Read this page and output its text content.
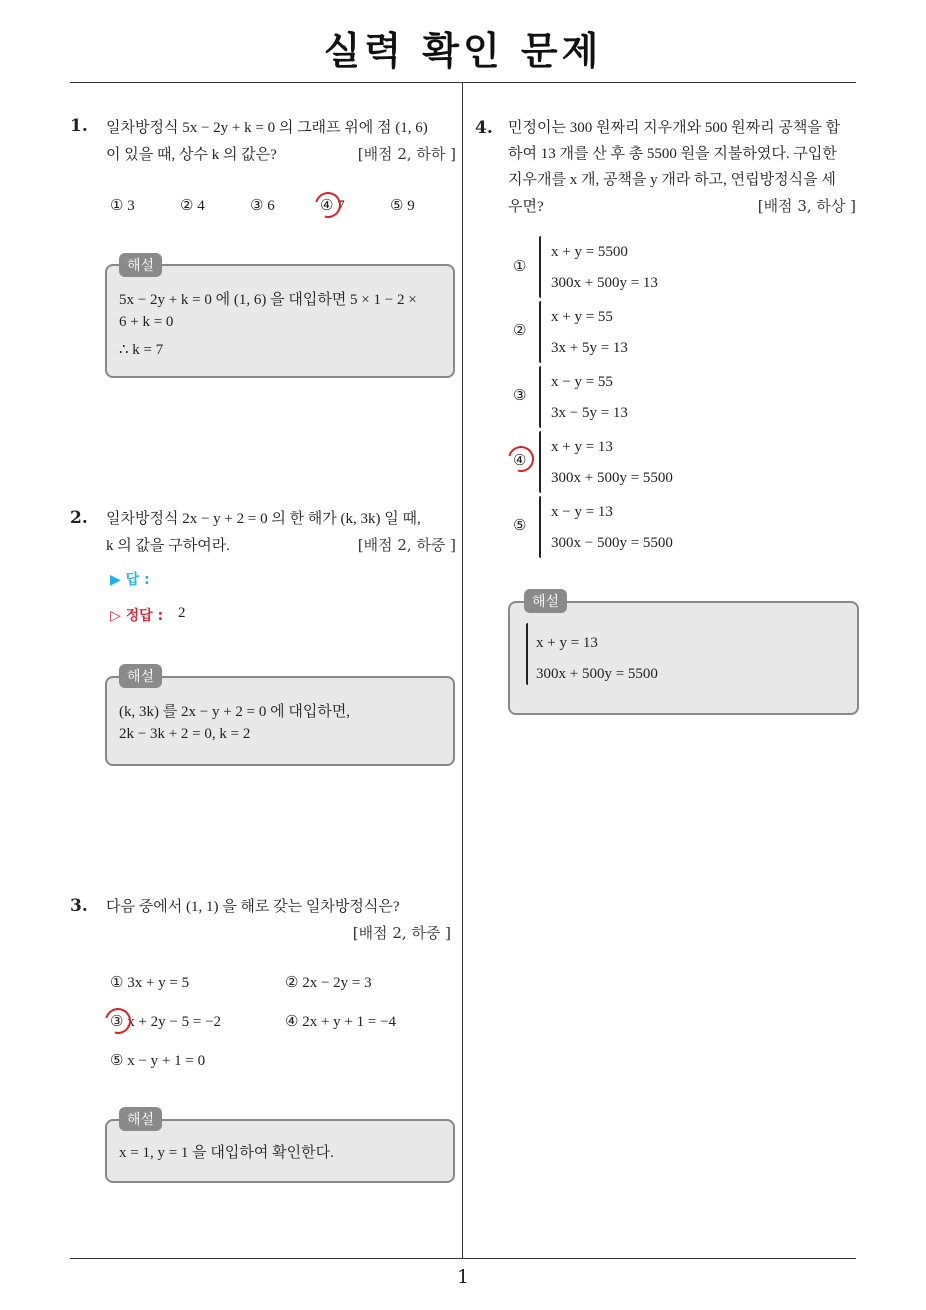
실력 확인 문제
1
1. 일차방정식 5x − 2y + k = 0 의 그래프 위에 점 (1, 6)
이 있을 때, 상수 k 의 값은?	[배점 2, 하하 ]
① 3	② 4	③ 6	④ 7	⑤ 9
5x − 2y + k = 0 에 (1, 6) 을 대입하면 5 × 1 − 2 ×
6 + k = 0
∴ k = 7
해설
2. 일차방정식 2x − y + 2 = 0 의 한 해가 (k, 3k) 일 때,
k 의 값을 구하여라.	[배점 2, 하중 ]
▶ 답 :
▷ 정답 : 2
(k, 3k) 를 2x − y + 2 = 0 에 대입하면,
2k − 3k + 2 = 0, k = 2
해설
3. 다음 중에서 (1, 1) 을 해로 갖는 일차방정식은?
[배점 2, 하중 ]
① 3x + y = 5	② 2x − 2y = 3
③ x + 2y − 5 = −2	④ 2x + y + 1 = −4
⑤ x − y + 1 = 0
x = 1, y = 1 을 대입하여 확인한다.
해설
4. 민정이는 300 원짜리 지우개와 500 원짜리 공책을 합
하여 13 개를 산 후 총 5500 원을 지불하였다. 구입한
지우개를 x 개, 공책을 y 개라 하고, 연립방정식을 세
우면?	[배점 3, 하상 ]
①
x + y = 5500
300x + 500y = 13
②
x + y = 55
3x + 5y = 13
③
x − y = 55
3x − 5y = 13
④
x + y = 13
300x + 500y = 5500
⑤
x − y = 13
300x − 500y = 5500
x + y = 13
300x + 500y = 5500
해설
